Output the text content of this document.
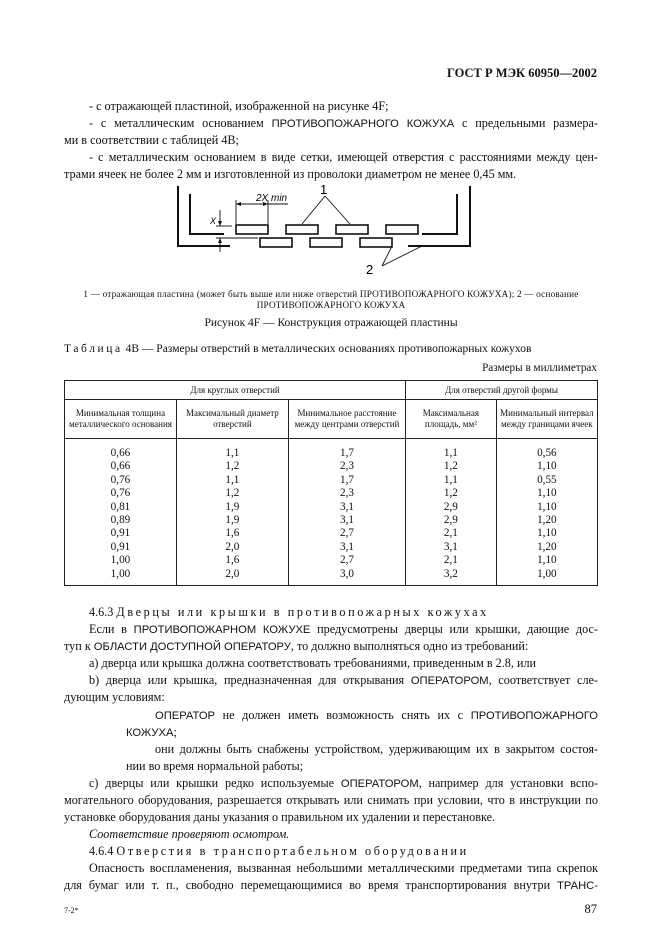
ГОСТ Р МЭК 60950—2002
- с отражающей пластиной, изображенной на рисунке 4F;
- с металлическим основанием ПРОТИВОПОЖАРНОГО КОЖУХА с предельными размера-
ми в соответствии с таблицей 4В;
- с металлическим основанием в виде сетки, имеющей отверстия с расстояниями между цен-
трами ячеек не более 2 мм и изготовленной из проволоки диаметром не менее 0,45 мм.
2X min
X
1
2
1 — отражающая пластина (может быть выше или ниже отверстий ПРОТИВОПОЖАРНОГО КОЖУХА); 2 — основание
ПРОТИВОПОЖАРНОГО КОЖУХА
Рисунок 4F — Конструкция отражающей пластины
Таблица 4В — Размеры отверстий в металлических основаниях противопожарных кожухов
Размеры в миллиметрах
Для круглых отверстий			Для отверстий другой формы	
Минимальная толщина металлического основания	Максимальный диаметр отверстий	Минимальное расстояние между центрами отверстий	Максимальная площадь, мм²	Минимальный интервал между границами ячеек
0,66	1,1	1,7	1,1	0,56
0,66	1,2	2,3	1,2	1,10
0,76	1,1	1,7	1,1	0,55
0,76	1,2	2,3	1,2	1,10
0,81	1,9	3,1	2,9	1,10
0,89	1,9	3,1	2,9	1,20
0,91	1,6	2,7	2,1	1,10
0,91	2,0	3,1	3,1	1,20
1,00	1,6	2,7	2,1	1,10
1,00	2,0	3,0	3,2	1,00
4.6.3 Дверцы или крышки в противопожарных кожухах
Если в ПРОТИВОПОЖАРНОМ КОЖУХЕ предусмотрены дверцы или крышки, дающие дос-
туп к ОБЛАСТИ ДОСТУПНОЙ ОПЕРАТОРУ, то должно выполняться одно из требований:
а) дверца или крышка должна соответствовать требованиями, приведенным в 2.8, или
b) дверца или крышка, предназначенная для открывания ОПЕРАТОРОМ, соответствует сле-
дующим условиям:
ОПЕРАТОР не должен иметь возможность снять их с ПРОТИВОПОЖАРНОГО
КОЖУХА;
они должны быть снабжены устройством, удерживающим их в закрытом состоя-
нии во время нормальной работы;
с) дверцы или крышки редко используемые ОПЕРАТОРОМ, например для установки вспо-
могательного оборудования, разрешается открывать или снимать при условии, что в инструкции по
установке оборудования даны указания о правильном их удалении и перестановке.
Соответствие проверяют осмотром.
4.6.4 Отверстия в транспортабельном оборудовании
Опасность воспламенения, вызванная небольшими металлическими предметами типа скрепок
для бумаг или т. п., свободно перемещающимися во время транспортирования внутри ТРАНС-
7-2*	87
